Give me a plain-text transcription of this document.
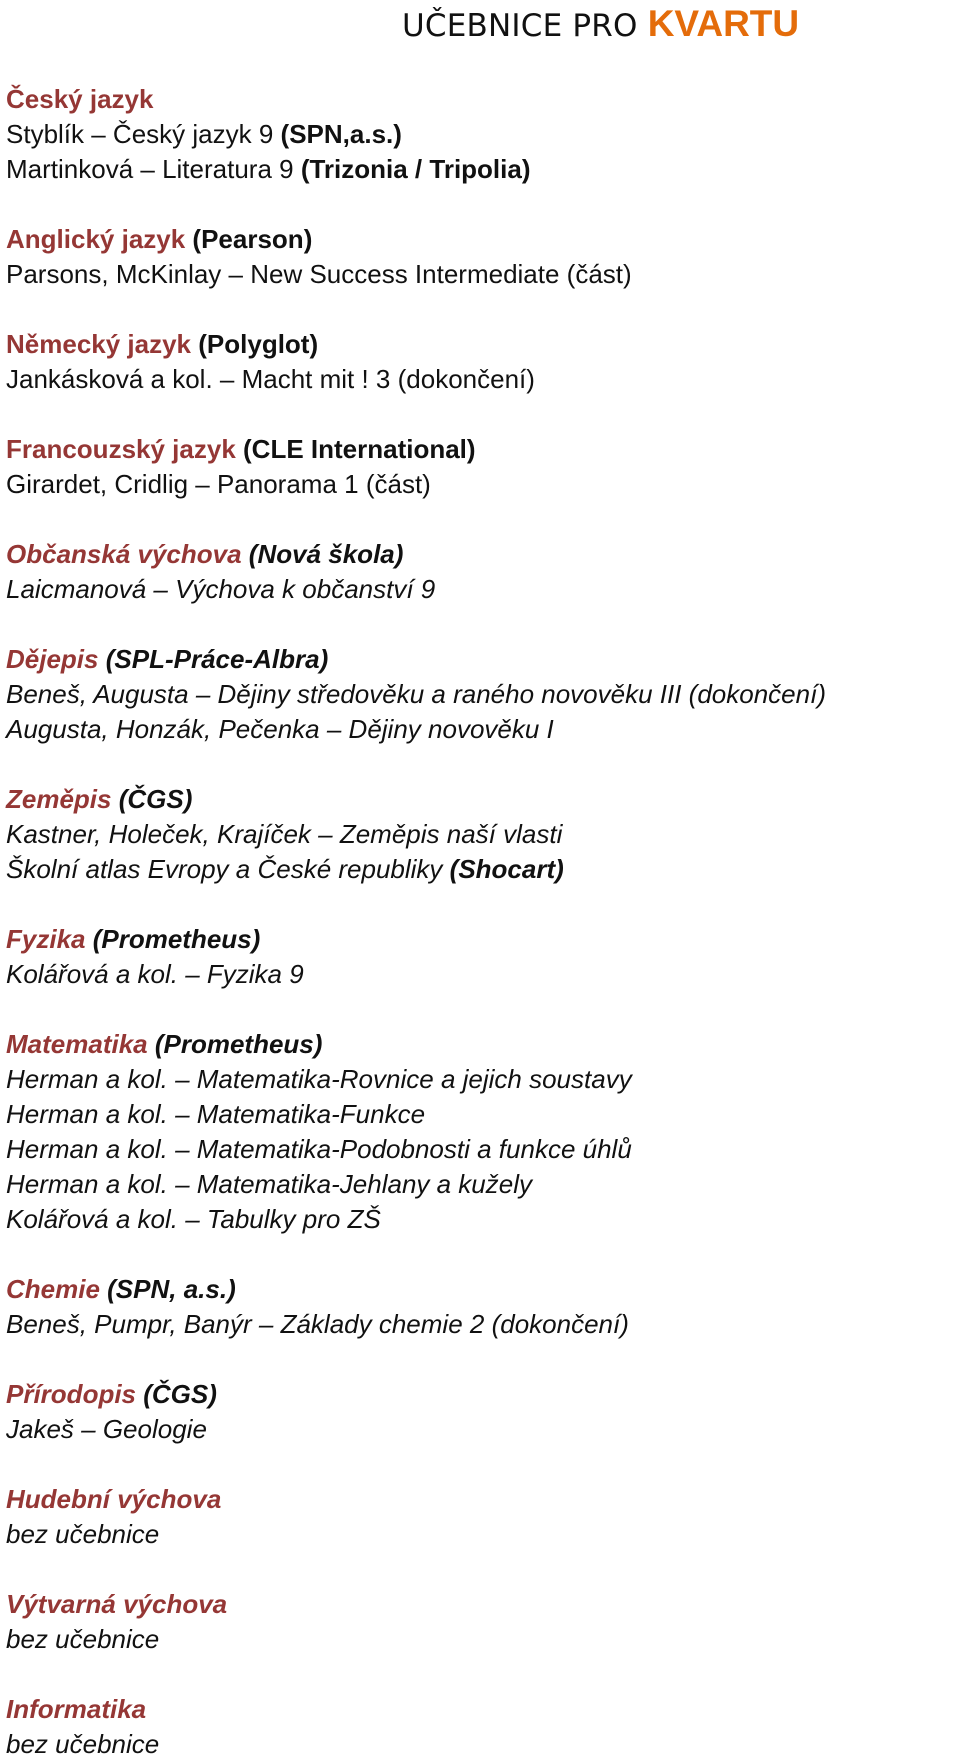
UČEBNICE PRO KVARTU
Český jazyk
Styblík – Český jazyk 9 (SPN,a.s.)
Martinková – Literatura 9 (Trizonia / Tripolia)
Anglický jazyk (Pearson)
Parsons, McKinlay – New Success Intermediate (část)
Německý jazyk (Polyglot)
Jankásková a kol. – Macht mit ! 3 (dokončení)
Francouzský jazyk (CLE International)
Girardet, Cridlig – Panorama 1 (část)
Občanská výchova (Nová škola)
Laicmanová – Výchova k občanství 9
Dějepis (SPL-Práce-Albra)
Beneš, Augusta – Dějiny středověku a raného novověku III (dokončení)
Augusta, Honzák, Pečenka – Dějiny novověku I
Zeměpis (ČGS)
Kastner, Holeček, Krajíček – Zeměpis naší vlasti
Školní atlas Evropy a České republiky (Shocart)
Fyzika (Prometheus)
Kolářová a kol. – Fyzika 9
Matematika (Prometheus)
Herman a kol. – Matematika-Rovnice a jejich soustavy
Herman a kol. – Matematika-Funkce
Herman a kol. – Matematika-Podobnosti a funkce úhlů
Herman a kol. – Matematika-Jehlany a kužely
Kolářová a kol. – Tabulky pro ZŠ
Chemie (SPN, a.s.)
Beneš, Pumpr, Banýr – Základy chemie 2 (dokončení)
Přírodopis (ČGS)
Jakeš – Geologie
Hudební výchova
bez učebnice
Výtvarná výchova
bez učebnice
Informatika
bez učebnice
